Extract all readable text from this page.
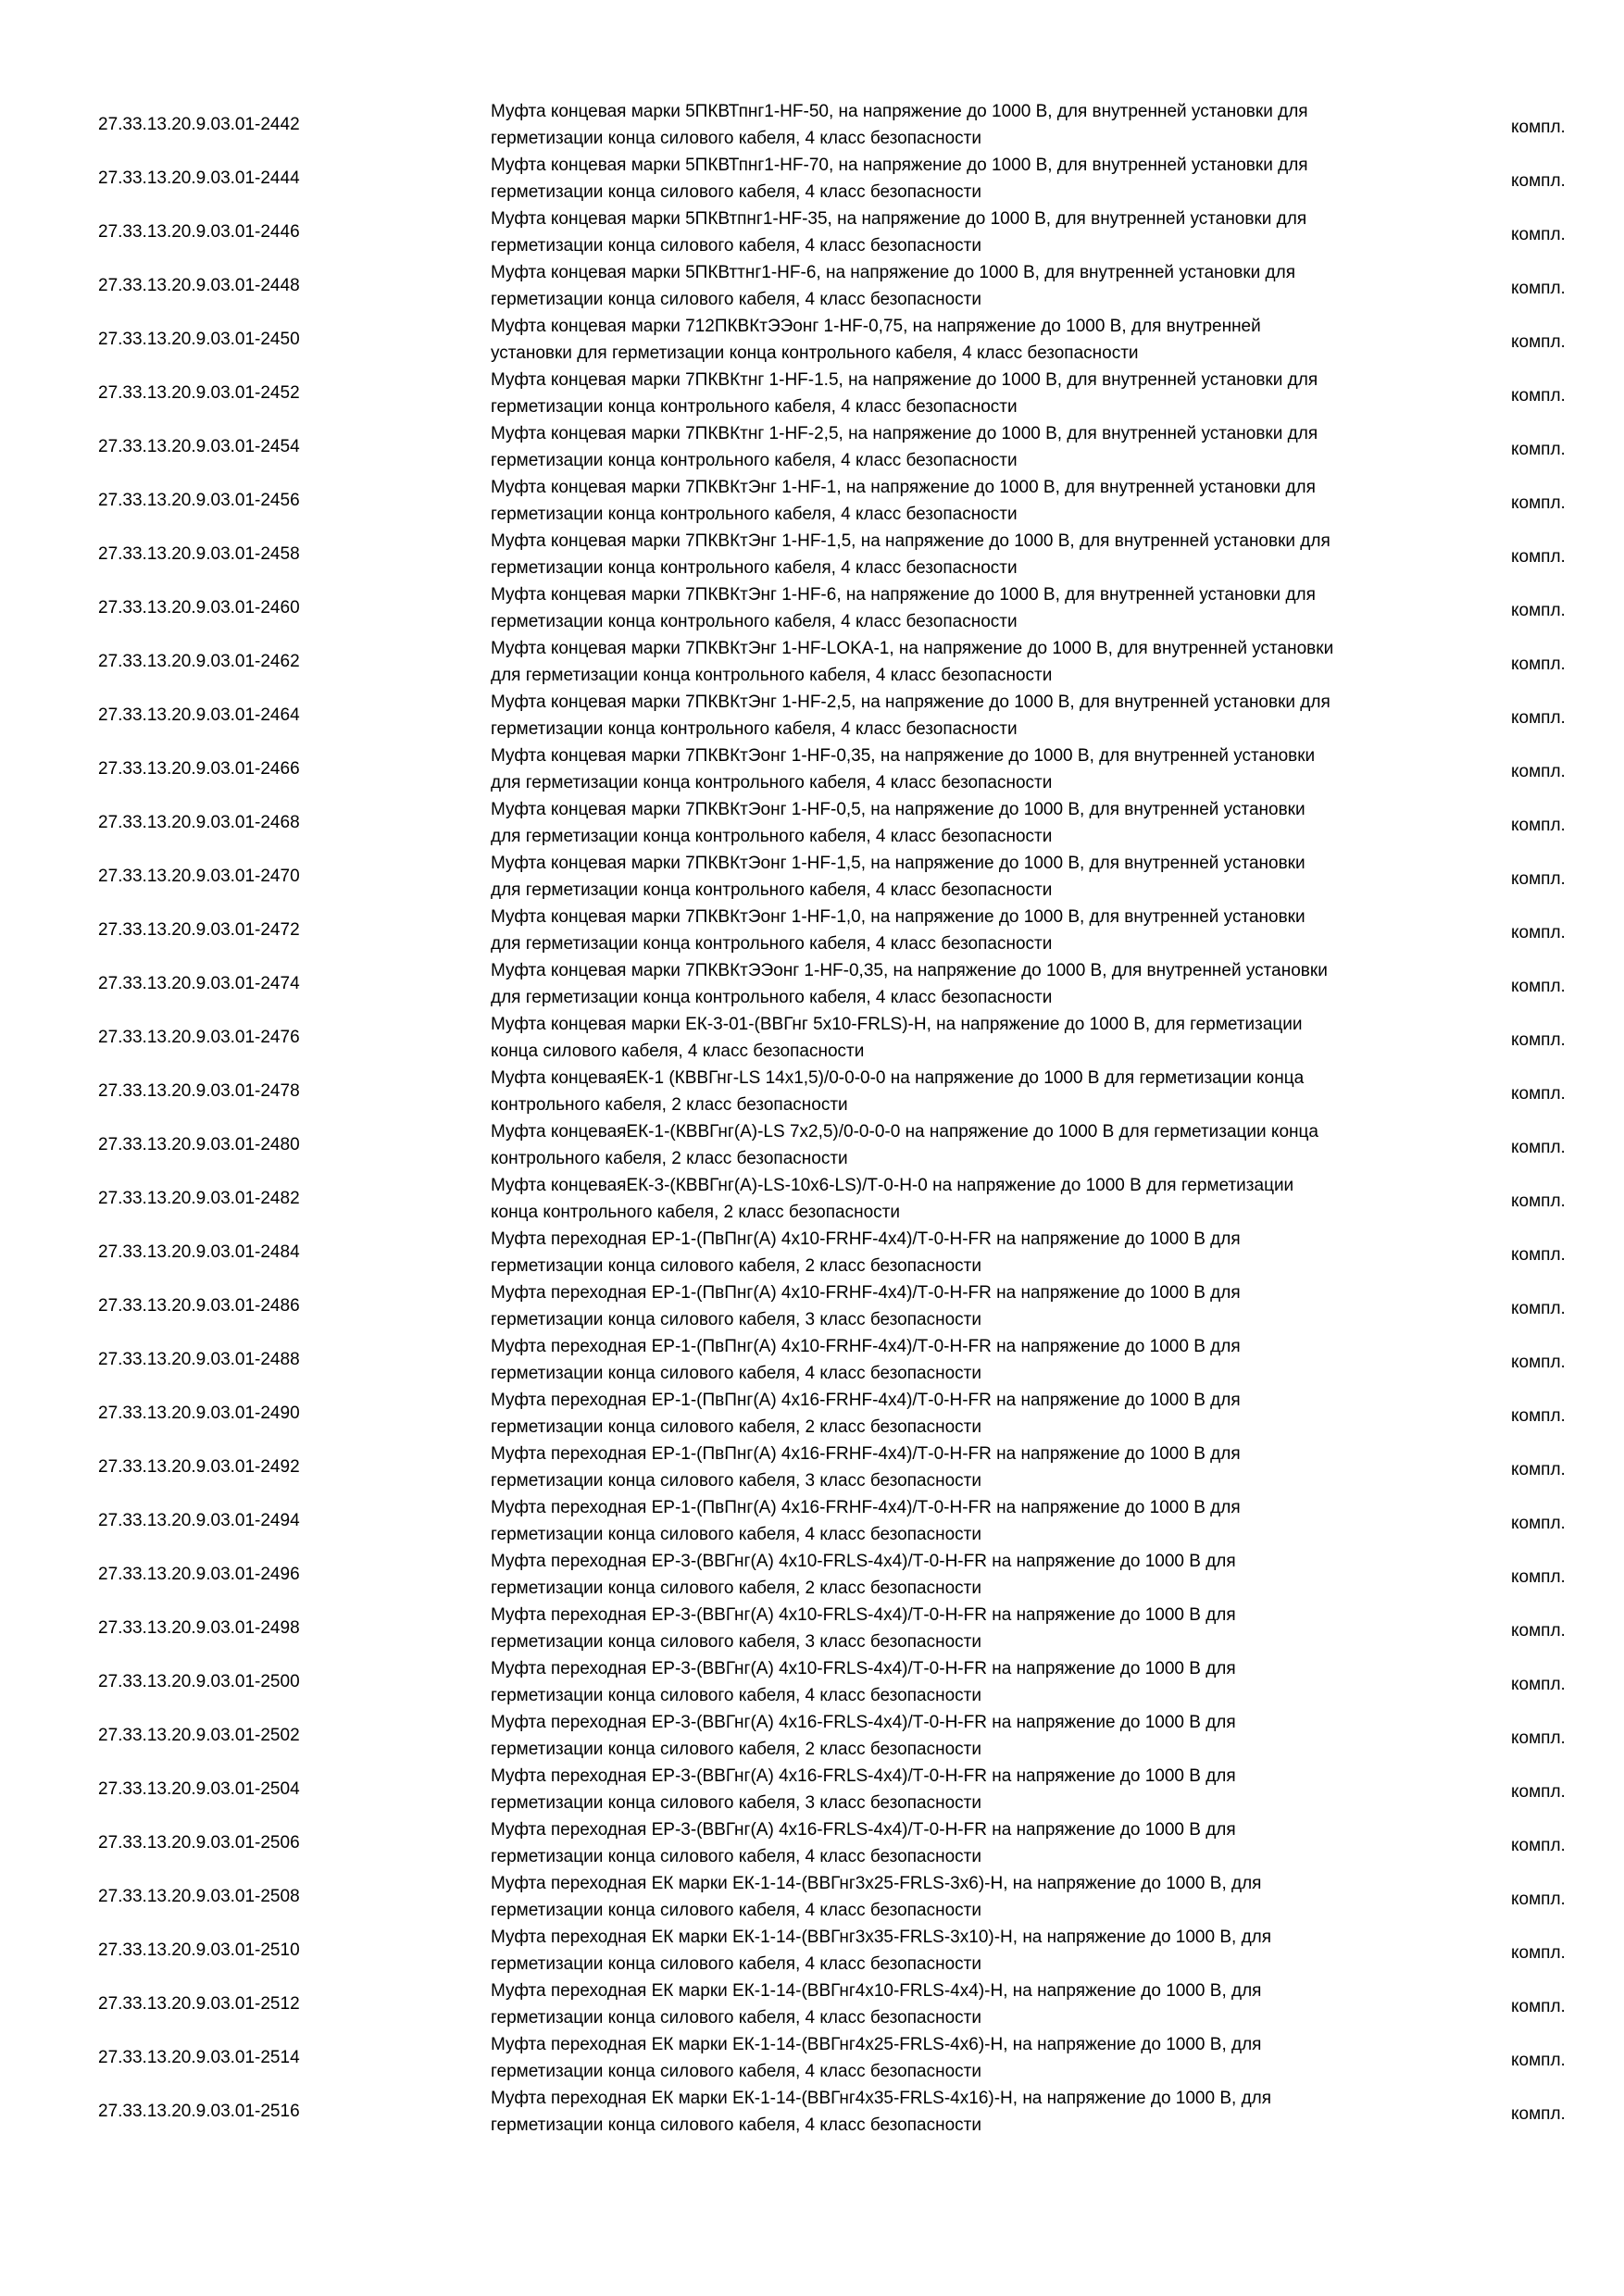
27.33.13.20.9.03.01-2442
Муфта концевая марки 5ПКВТпнг1-HF-50, на напряжение до 1000 В, для внутренней установки для
герметизации конца силового кабеля, 4 класс безопасности
компл.
27.33.13.20.9.03.01-2444
Муфта концевая марки 5ПКВТпнг1-HF-70, на напряжение до 1000 В, для внутренней установки для
герметизации конца силового кабеля, 4 класс безопасности
компл.
27.33.13.20.9.03.01-2446
Муфта концевая марки 5ПКВтпнг1-HF-35, на напряжение до 1000 В, для внутренней установки для
герметизации конца силового кабеля, 4 класс безопасности
компл.
27.33.13.20.9.03.01-2448
Муфта концевая марки 5ПКВттнг1-HF-6, на напряжение до 1000 В, для внутренней установки для
герметизации конца силового кабеля, 4 класс безопасности
компл.
27.33.13.20.9.03.01-2450
Муфта концевая марки 712ПКВКтЭЭонг 1-HF-0,75, на напряжение до 1000 В, для внутренней
установки для герметизации конца контрольного кабеля, 4 класс безопасности
компл.
27.33.13.20.9.03.01-2452
Муфта концевая марки 7ПКВКтнг 1-HF-1.5, на напряжение до 1000 В, для внутренней установки для
герметизации конца контрольного кабеля, 4 класс безопасности
компл.
27.33.13.20.9.03.01-2454
Муфта концевая марки 7ПКВКтнг 1-HF-2,5, на напряжение до 1000 В, для внутренней установки для
герметизации конца контрольного кабеля, 4 класс безопасности
компл.
27.33.13.20.9.03.01-2456
Муфта концевая марки 7ПКВКтЭнг 1-HF-1, на напряжение до 1000 В, для внутренней установки для
герметизации конца контрольного кабеля, 4 класс безопасности
компл.
27.33.13.20.9.03.01-2458
Муфта концевая марки 7ПКВКтЭнг 1-HF-1,5, на напряжение до 1000 В, для внутренней установки для
герметизации конца контрольного кабеля, 4 класс безопасности
компл.
27.33.13.20.9.03.01-2460
Муфта концевая марки 7ПКВКтЭнг 1-HF-6, на напряжение до 1000 В, для внутренней установки для
герметизации конца контрольного кабеля, 4 класс безопасности
компл.
27.33.13.20.9.03.01-2462
Муфта концевая марки 7ПКВКтЭнг 1-HF-LOKA-1, на напряжение до 1000 В, для внутренней установки
для герметизации конца контрольного кабеля, 4 класс безопасности
компл.
27.33.13.20.9.03.01-2464
Муфта концевая марки 7ПКВКтЭнг 1-HF-2,5, на напряжение до 1000 В, для внутренней установки для
герметизации конца контрольного кабеля, 4 класс безопасности
компл.
27.33.13.20.9.03.01-2466
Муфта концевая марки 7ПКВКтЭонг 1-HF-0,35, на напряжение до 1000 В, для внутренней установки
для герметизации конца контрольного кабеля, 4 класс безопасности
компл.
27.33.13.20.9.03.01-2468
Муфта концевая марки 7ПКВКтЭонг 1-HF-0,5, на напряжение до 1000 В, для внутренней установки
для герметизации конца контрольного кабеля, 4 класс безопасности
компл.
27.33.13.20.9.03.01-2470
Муфта концевая марки 7ПКВКтЭонг 1-HF-1,5, на напряжение до 1000 В, для внутренней установки
для герметизации конца контрольного кабеля, 4 класс безопасности
компл.
27.33.13.20.9.03.01-2472
Муфта концевая марки 7ПКВКтЭонг 1-HF-1,0, на напряжение до 1000 В, для внутренней установки
для герметизации конца контрольного кабеля, 4 класс безопасности
компл.
27.33.13.20.9.03.01-2474
Муфта концевая марки 7ПКВКтЭЭонг 1-HF-0,35, на напряжение до 1000 В, для внутренней установки
для герметизации конца контрольного кабеля, 4 класс безопасности
компл.
27.33.13.20.9.03.01-2476
Муфта концевая марки ЕК-3-01-(ВВГнг 5х10-FRLS)-Н, на напряжение до 1000 В, для герметизации
конца силового кабеля, 4 класс безопасности
компл.
27.33.13.20.9.03.01-2478
Муфта концеваяЕК-1 (КВВГнг-LS 14х1,5)/0-0-0-0 на напряжение до 1000 В для герметизации конца
контрольного кабеля, 2 класс безопасности
компл.
27.33.13.20.9.03.01-2480
Муфта концеваяЕК-1-(КВВГнг(А)-LS 7х2,5)/0-0-0-0 на напряжение до 1000 В для герметизации конца
контрольного кабеля, 2 класс безопасности
компл.
27.33.13.20.9.03.01-2482
Муфта концеваяЕК-3-(КВВГнг(А)-LS-10х6-LS)/Т-0-Н-0 на напряжение до 1000 В для герметизации
конца контрольного кабеля, 2 класс безопасности
компл.
27.33.13.20.9.03.01-2484
Муфта переходная ЕР-1-(ПвПнг(А) 4х10-FRHF-4х4)/Т-0-Н-FR на напряжение до 1000 В для
герметизации конца силового кабеля, 2 класс безопасности
компл.
27.33.13.20.9.03.01-2486
Муфта переходная ЕР-1-(ПвПнг(А) 4х10-FRHF-4х4)/Т-0-Н-FR на напряжение до 1000 В для
герметизации конца силового кабеля, 3 класс безопасности
компл.
27.33.13.20.9.03.01-2488
Муфта переходная ЕР-1-(ПвПнг(А) 4х10-FRHF-4х4)/Т-0-Н-FR на напряжение до 1000 В для
герметизации конца силового кабеля, 4 класс безопасности
компл.
27.33.13.20.9.03.01-2490
Муфта переходная ЕР-1-(ПвПнг(А) 4х16-FRHF-4х4)/Т-0-Н-FR на напряжение до 1000 В для
герметизации конца силового кабеля, 2 класс безопасности
компл.
27.33.13.20.9.03.01-2492
Муфта переходная ЕР-1-(ПвПнг(А) 4х16-FRHF-4х4)/Т-0-Н-FR на напряжение до 1000 В для
герметизации конца силового кабеля, 3 класс безопасности
компл.
27.33.13.20.9.03.01-2494
Муфта переходная ЕР-1-(ПвПнг(А) 4х16-FRHF-4х4)/Т-0-Н-FR на напряжение до 1000 В для
герметизации конца силового кабеля, 4 класс безопасности
компл.
27.33.13.20.9.03.01-2496
Муфта переходная ЕР-3-(ВВГнг(А) 4х10-FRLS-4х4)/Т-0-Н-FR на напряжение до 1000 В для
герметизации конца силового кабеля, 2 класс безопасности
компл.
27.33.13.20.9.03.01-2498
Муфта переходная ЕР-3-(ВВГнг(А) 4х10-FRLS-4х4)/Т-0-Н-FR на напряжение до 1000 В для
герметизации конца силового кабеля, 3 класс безопасности
компл.
27.33.13.20.9.03.01-2500
Муфта переходная ЕР-3-(ВВГнг(А) 4х10-FRLS-4х4)/Т-0-Н-FR на напряжение до 1000 В для
герметизации конца силового кабеля, 4 класс безопасности
компл.
27.33.13.20.9.03.01-2502
Муфта переходная ЕР-3-(ВВГнг(А) 4х16-FRLS-4х4)/Т-0-Н-FR на напряжение до 1000 В для
герметизации конца силового кабеля, 2 класс безопасности
компл.
27.33.13.20.9.03.01-2504
Муфта переходная ЕР-3-(ВВГнг(А) 4х16-FRLS-4х4)/Т-0-Н-FR на напряжение до 1000 В для
герметизации конца силового кабеля, 3 класс безопасности
компл.
27.33.13.20.9.03.01-2506
Муфта переходная ЕР-3-(ВВГнг(А) 4х16-FRLS-4х4)/Т-0-Н-FR на напряжение до 1000 В для
герметизации конца силового кабеля, 4 класс безопасности
компл.
27.33.13.20.9.03.01-2508
Муфта переходная ЕК марки ЕК-1-14-(ВВГнг3х25-FRLS-3х6)-Н, на напряжение до 1000 В, для
герметизации конца силового кабеля, 4 класс безопасности
компл.
27.33.13.20.9.03.01-2510
Муфта переходная ЕК марки ЕК-1-14-(ВВГнг3х35-FRLS-3х10)-Н, на напряжение до 1000 В, для
герметизации конца силового кабеля, 4 класс безопасности
компл.
27.33.13.20.9.03.01-2512
Муфта переходная ЕК марки ЕК-1-14-(ВВГнг4х10-FRLS-4х4)-Н, на напряжение до 1000 В, для
герметизации конца силового кабеля, 4 класс безопасности
компл.
27.33.13.20.9.03.01-2514
Муфта переходная ЕК марки ЕК-1-14-(ВВГнг4х25-FRLS-4х6)-Н, на напряжение до 1000 В, для
герметизации конца силового кабеля, 4 класс безопасности
компл.
27.33.13.20.9.03.01-2516
Муфта переходная ЕК марки ЕК-1-14-(ВВГнг4х35-FRLS-4х16)-Н, на напряжение до 1000 В, для
герметизации конца силового кабеля, 4 класс безопасности
компл.
